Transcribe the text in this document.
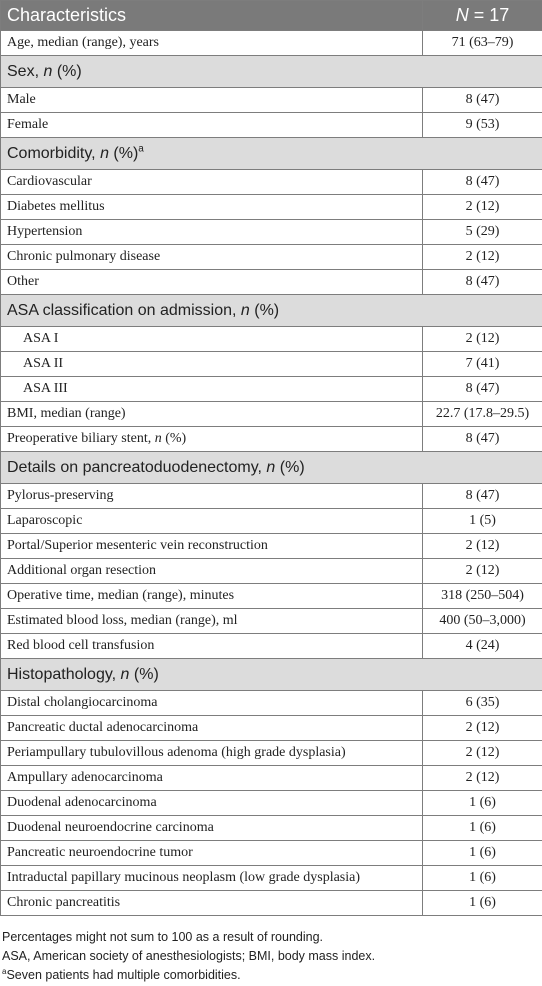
Characteristics	N = 17
Age, median (range), years	71 (63–79)
Sex, n (%)	
Male	8 (47)
Female	9 (53)
Comorbidity, n (%)$^a$
Cardiovascular	8 (47)
Diabetes mellitus	2 (12)
Hypertension	5 (29)
Chronic pulmonary disease	2 (12)
Other	8 (47)
ASA classification on admission, n (%)	
ASA I	2 (12)
ASA II	7 (41)
ASA III	8 (47)
BMI, median (range)	22.7 (17.8–29.5)
Preoperative biliary stent, n (%)	8 (47)
Details on pancreatoduodenectomy, n (%)	
Pylorus-preserving	8 (47)
Laparoscopic	1 (5)
Portal/Superior mesenteric vein reconstruction	2 (12)
Additional organ resection	2 (12)
Operative time, median (range), minutes	318 (250–504)
Estimated blood loss, median (range), ml	400 (50–3,000)
Red blood cell transfusion	4 (24)
Histopathology, n (%)	
Distal cholangiocarcinoma	6 (35)
Pancreatic ductal adenocarcinoma	2 (12)
Periampullary tubulovillous adenoma (high grade dysplasia)	2 (12)
Ampullary adenocarcinoma	2 (12)
Duodenal adenocarcinoma	1 (6)
Duodenal neuroendocrine carcinoma	1 (6)
Pancreatic neuroendocrine tumor	1 (6)
Intraductal papillary mucinous neoplasm (low grade dysplasia)	1 (6)
Chronic pancreatitis	1 (6)
Percentages might not sum to 100 as a result of rounding.
ASA, American society of anesthesiologists; BMI, body mass index.
$^a$Seven patients had multiple comorbidities.
